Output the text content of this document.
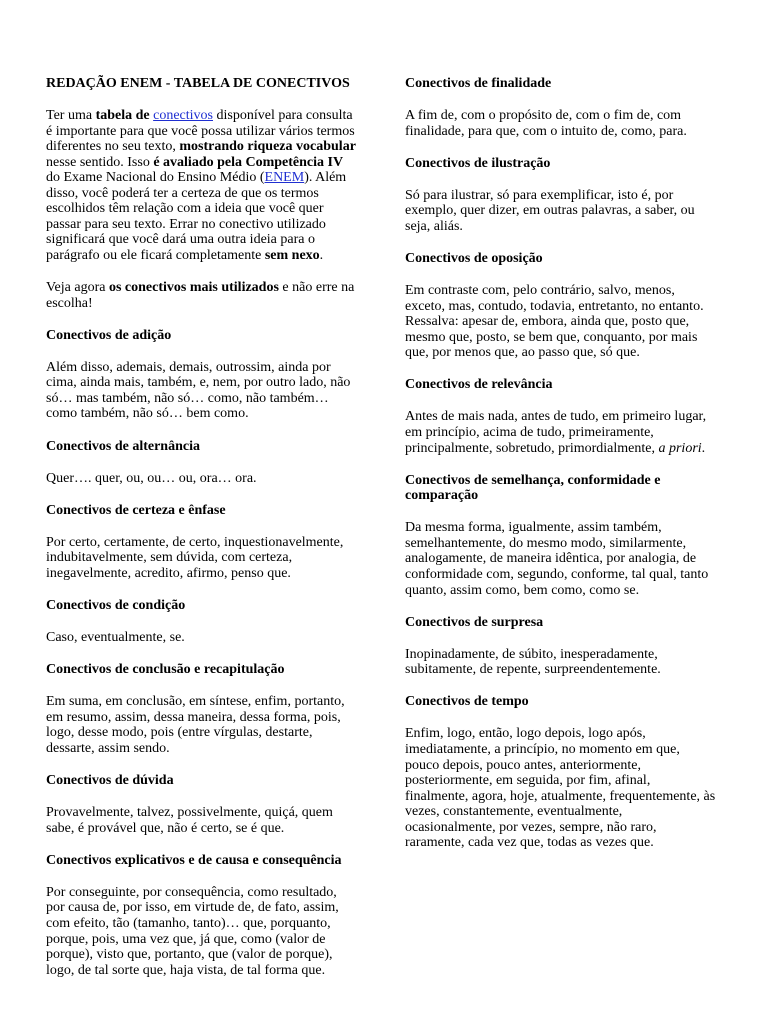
REDAÇÃO ENEM - TABELA DE CONECTIVOS
Ter uma tabela de conectivos disponível para consulta
é importante para que você possa utilizar vários termos
diferentes no seu texto, mostrando riqueza vocabular
nesse sentido. Isso é avaliado pela Competência IV
do Exame Nacional do Ensino Médio (ENEM). Além
disso, você poderá ter a certeza de que os termos
escolhidos têm relação com a ideia que você quer
passar para seu texto. Errar no conectivo utilizado
significará que você dará uma outra ideia para o
parágrafo ou ele ficará completamente sem nexo.
Veja agora os conectivos mais utilizados e não erre na
escolha!
Conectivos de adição
Além disso, ademais, demais, outrossim, ainda por
cima, ainda mais, também, e, nem, por outro lado, não
só… mas também, não só… como, não também…
como também, não só… bem como.
Conectivos de alternância
Quer…. quer, ou, ou… ou, ora… ora.
Conectivos de certeza e ênfase
Por certo, certamente, de certo, inquestionavelmente,
indubitavelmente, sem dúvida, com certeza,
inegavelmente, acredito, afirmo, penso que.
Conectivos de condição
Caso, eventualmente, se.
Conectivos de conclusão e recapitulação
Em suma, em conclusão, em síntese, enfim, portanto,
em resumo, assim, dessa maneira, dessa forma, pois,
logo, desse modo, pois (entre vírgulas, destarte,
dessarte, assim sendo.
Conectivos de dúvida
Provavelmente, talvez, possivelmente, quiçá, quem
sabe, é provável que, não é certo, se é que.
Conectivos explicativos e de causa e consequência
Por conseguinte, por consequência, como resultado,
por causa de, por isso, em virtude de, de fato, assim,
com efeito, tão (tamanho, tanto)… que, porquanto,
porque, pois, uma vez que, já que, como (valor de
porque), visto que, portanto, que (valor de porque),
logo, de tal sorte que, haja vista, de tal forma que.
Conectivos de finalidade
A fim de, com o propósito de, com o fim de, com
finalidade, para que, com o intuito de, como, para.
Conectivos de ilustração
Só para ilustrar, só para exemplificar, isto é, por
exemplo, quer dizer, em outras palavras, a saber, ou
seja, aliás.
Conectivos de oposição
Em contraste com, pelo contrário, salvo, menos,
exceto, mas, contudo, todavia, entretanto, no entanto.
Ressalva: apesar de, embora, ainda que, posto que,
mesmo que, posto, se bem que, conquanto, por mais
que, por menos que, ao passo que, só que.
Conectivos de relevância
Antes de mais nada, antes de tudo, em primeiro lugar,
em princípio, acima de tudo, primeiramente,
principalmente, sobretudo, primordialmente, a priori.
Conectivos de semelhança, conformidade e
comparação
Da mesma forma, igualmente, assim também,
semelhantemente, do mesmo modo, similarmente,
analogamente, de maneira idêntica, por analogia, de
conformidade com, segundo, conforme, tal qual, tanto
quanto, assim como, bem como, como se.
Conectivos de surpresa
Inopinadamente, de súbito, inesperadamente,
subitamente, de repente, surpreendentemente.
Conectivos de tempo
Enfim, logo, então, logo depois, logo após,
imediatamente, a princípio, no momento em que,
pouco depois, pouco antes, anteriormente,
posteriormente, em seguida, por fim, afinal,
finalmente, agora, hoje, atualmente, frequentemente, às
vezes, constantemente, eventualmente,
ocasionalmente, por vezes, sempre, não raro,
raramente, cada vez que, todas as vezes que.
